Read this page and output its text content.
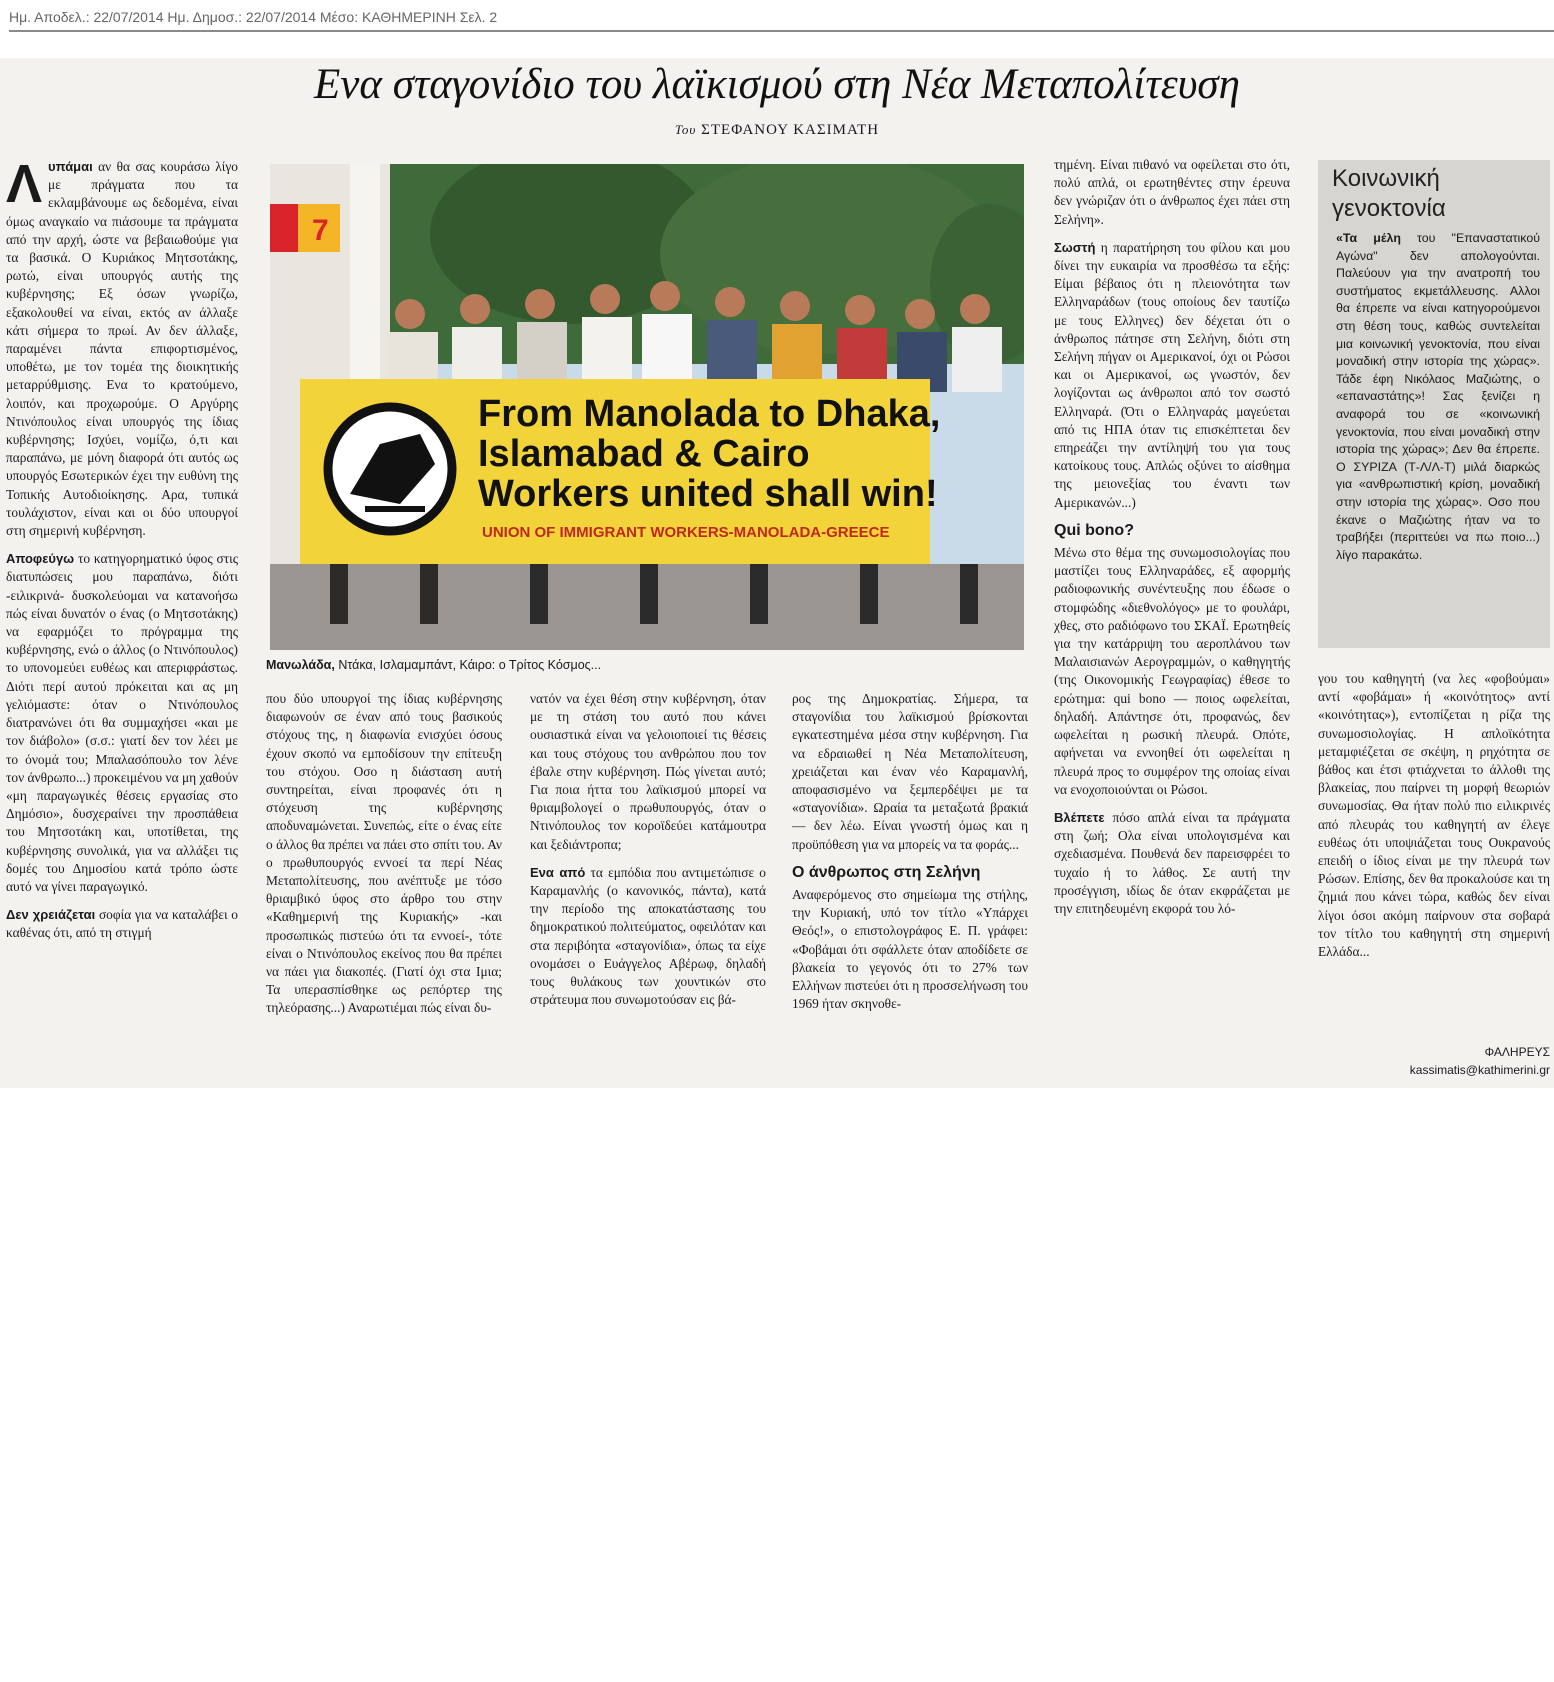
Ημ. Αποδελ.: 22/07/2014 Ημ. Δημοσ.: 22/07/2014 Μέσο: ΚΑΘΗΜΕΡΙΝΗ Σελ. 2
Ενα σταγονίδιο του λαϊκισμού στη Νέα Μεταπολίτευση
Του ΣΤΕΦΑΝΟΥ ΚΑΣΙΜΑΤΗ

Λυπάμαι αν θα σας κουράσω λίγο με πράγματα που τα εκλαμβάνουμε ως δεδομένα, είναι όμως αναγκαίο να πιάσουμε τα πράγματα από την αρχή, ώστε να βεβαιωθούμε για τα βασικά. Ο Κυριάκος Μητσοτάκης, ρωτώ, είναι υπουργός αυτής της κυβέρνησης; Εξ όσων γνωρίζω, εξακολουθεί να είναι, εκτός αν άλλαξε κάτι σήμερα το πρωί. Αν δεν άλλαξε, παραμένει πάντα επιφορτισμένος, υποθέτω, με τον τομέα της διοικητικής μεταρρύθμισης. Ενα το κρατούμενο, λοιπόν, και προχωρούμε. Ο Αργύρης Ντινόπουλος είναι υπουργός της ίδιας κυβέρνησης; Ισχύει, νομίζω, ό,τι και παραπάνω, με μόνη διαφορά ότι αυτός ως υπουργός Εσωτερικών έχει την ευθύνη της Τοπικής Αυτοδιοίκησης. Αρα, τυπικά τουλάχιστον, είναι και οι δύο υπουργοί στη σημερινή κυβέρνηση.

Αποφεύγω το κατηγορηματικό ύφος στις διατυπώσεις μου παραπάνω, διότι -ειλικρινά- δυσκολεύομαι να κατανοήσω πώς είναι δυνατόν ο ένας (ο Μητσοτάκης) να εφαρμόζει το πρόγραμμα της κυβέρνησης, ενώ ο άλλος (ο Ντινόπουλος) το υπονομεύει ευθέως και απεριφράστως. Διότι περί αυτού πρόκειται και ας μη γελιόμαστε: όταν ο Ντινόπουλος διατρανώνει ότι θα συμμαχήσει «και με τον διάβολο» (σ.σ.: γιατί δεν τον λέει με το όνομά του; Μπαλασόπουλο τον λένε τον άνθρωπο...) προκειμένου να μη χαθούν «μη παραγωγικές θέσεις εργασίας στο Δημόσιο», δυσχεραίνει την προσπάθεια του Μητσοτάκη και, υποτίθεται, της κυβέρνησης συνολικά, για να αλλάξει τις δομές του Δημοσίου κατά τρόπο ώστε αυτό να γίνει παραγωγικό.

Δεν χρειάζεται σοφία για να καταλάβει ο καθένας ότι, από τη στιγμή

7
From Manolada to Dhaka,
Islamabad & Cairo
Workers united shall win!
UNION OF IMMIGRANT WORKERS-MANOLADA-GREECE
Μανωλάδα, Ντάκα, Ισλαμαμπάντ, Κάιρο: ο Τρίτος Κόσμος...

που δύο υπουργοί της ίδιας κυβέρνησης διαφωνούν σε έναν από τους βασικούς στόχους της, η διαφωνία ενισχύει όσους έχουν σκοπό να εμποδίσουν την επίτευξη του στόχου. Οσο η διάσταση αυτή συντηρείται, είναι προφανές ότι η στόχευση της κυβέρνησης αποδυναμώνεται. Συνεπώς, είτε ο ένας είτε ο άλλος θα πρέπει να πάει στο σπίτι του. Αν ο πρωθυπουργός ενvoεί τα περί Νέας Μεταπολίτευσης, που ανέπτυξε με τόσο θριαμβικό ύφος στο άρθρο του στην «Καθημερινή της Κυριακής» -και προσωπικώς πιστεύω ότι τα εννοεί-, τότε είναι ο Ντινόπουλος εκείνος που θα πρέπει να πάει για διακοπές. (Γιατί όχι στα Ιμια; Τα υπερασπίσθηκε ως ρεπόρτερ της τηλεόρασης...) Αναρωτιέμαι πώς είναι δυ-

νατόν να έχει θέση στην κυβέρνηση, όταν με τη στάση του αυτό που κάνει ουσιαστικά είναι να γελοιοποιεί τις θέσεις και τους στόχους του ανθρώπου που τον έβαλε στην κυβέρνηση. Πώς γίνεται αυτό; Για ποια ήττα του λαϊκισμού μπορεί να θριαμβολογεί ο πρωθυπουργός, όταν ο Ντινόπουλος τον κοροϊδεύει κατάμουτρα και ξεδιάντροπα;

Ενα από τα εμπόδια που αντιμετώπισε ο Καραμανλής (ο κανονικός, πάντα), κατά την περίοδο της αποκατάστασης του δημοκρατικού πολιτεύματος, οφειλόταν και στα περιβόητα «σταγονίδια», όπως τα είχε ονομάσει ο Ευάγγελος Αβέρωφ, δηλαδή τους θυλάκους των χουντικών στο στράτευμα που συνωμοτούσαν εις βά-

ρος της Δημοκρατίας. Σήμερα, τα σταγονίδια του λαϊκισμού βρίσκονται εγκατεστημένα μέσα στην κυβέρνηση. Για να εδραιωθεί η Νέα Μεταπολίτευση, χρειάζεται και έναν νέο Καραμανλή, αποφασισμένο να ξεμπερδέψει με τα «σταγονίδια». Ωραία τα μεταξωτά βρακιά — δεν λέω. Είναι γνωστή όμως και η προϋπόθεση για να μπορείς να τα φοράς...

Ο άνθρωπος στη Σελήνη

Αναφερόμενος στο σημείωμα της στήλης, την Κυριακή, υπό τον τίτλο «Υπάρχει Θεός!», ο επιστολογράφος Ε. Π. γράφει: «Φοβάμαι ότι σφάλλετε όταν αποδίδετε σε βλακεία το γεγονός ότι το 27% των Ελλήνων πιστεύει ότι η προσσελήνωση του 1969 ήταν σκηνοθε-

τημένη. Είναι πιθανό να οφείλεται στο ότι, πολύ απλά, οι ερωτηθέντες στην έρευνα δεν γνώριζαν ότι ο άνθρωπος έχει πάει στη Σελήνη».

Σωστή η παρατήρηση του φίλου και μου δίνει την ευκαιρία να προσθέσω τα εξής: Είμαι βέβαιος ότι η πλειονότητα των Ελληναράδων (τους οποίους δεν ταυτίζω με τους Ελληνες) δεν δέχεται ότι ο άνθρωπος πάτησε στη Σελήνη, διότι στη Σελήνη πήγαν οι Αμερικανοί, όχι οι Ρώσοι και οι Αμερικανοί, ως γνωστόν, δεν λογίζονται ως άνθρωποι από τον σωστό Ελληναρά. (Ότι ο Ελληναράς μαγεύεται από τις ΗΠΑ όταν τις επισκέπτεται δεν επηρεάζει την αντίληψή του για τους κατοίκους τους. Απλώς οξύνει το αίσθημα της μειονεξίας του έναντι των Αμερικανών...)

Qui bono?

Μένω στο θέμα της συνωμοσιολογίας που μαστίζει τους Ελληναράδες, εξ αφορμής ραδιοφωνικής συνέντευξης που έδωσε ο στομφώδης «διεθνολόγος» με το φουλάρι, χθες, στο ραδιόφωνο του ΣΚΑΪ. Ερωτηθείς για την κατάρριψη του αεροπλάνου των Μαλαισιανών Αερογραμμών, ο καθηγητής (της Οικονομικής Γεωγραφίας) έθεσε το ερώτημα: qui bono — ποιος ωφελείται, δηλαδή. Απάντησε ότι, προφανώς, δεν ωφελείται η ρωσική πλευρά. Οπότε, αφήνεται να εννοηθεί ότι ωφελείται η πλευρά προς το συμφέρον της οποίας είναι να ενοχοποιούνται οι Ρώσοι.

Βλέπετε πόσο απλά είναι τα πράγματα στη ζωή; Ολα είναι υπολογισμένα και σχεδιασμένα. Πουθενά δεν παρεισφρέει το τυχαίο ή το λάθος. Σε αυτή την προσέγγιση, ιδίως δε όταν εκφράζεται με την επιτηδευμένη εκφορά του λό-

Κοινωνική
γενοκτονία
«Τα μέλη του "Επαναστατικού Αγώνα" δεν απολογούνται. Παλεύουν για την ανατροπή του συστήματος εκμετάλλευσης. Αλλοι θα έπρεπε να είναι κατηγορούμενοι στη θέση τους, καθώς συντελείται μια κοινωνική γενοκτονία, που είναι μοναδική στην ιστορία της χώρας». Τάδε έφη Νικόλαος Μαζιώτης, ο «επαναστάτης»! Σας ξενίζει η αναφορά του σε «κοινωνική γενοκτονία, που είναι μοναδική στην ιστορία της χώρας»; Δεν θα έπρεπε. Ο ΣΥΡΙΖΑ (Τ-Λ/Λ-Τ) μιλά διαρκώς για «ανθρωπιστική κρίση, μοναδική στην ιστορία της χώρας». Οσο που έκανε ο Μαζιώτης ήταν να το τραβήξει (περιττεύει να πω ποιο...) λίγο παρακάτω.

γου του καθηγητή (να λες «φοβούμαι» αντί «φοβάμαι» ή «κοινότητος» αντί «κοινότητας»), εντοπίζεται η ρίζα της συνωμοσιολογίας. Η απλοϊκότητα μεταμφιέζεται σε σκέψη, η ρηχότητα σε βάθος και έτσι φτιάχνεται το άλλοθι της βλακείας, που παίρνει τη μορφή θεωριών συνωμοσίας. Θα ήταν πολύ πιο ειλικρινές από πλευράς του καθηγητή αν έλεγε ευθέως ότι υποψιάζεται τους Ουκρανούς επειδή ο ίδιος είναι με την πλευρά των Ρώσων. Επίσης, δεν θα προκαλούσε και τη ζημιά που κάνει τώρα, καθώς δεν είναι λίγοι όσοι ακόμη παίρνουν στα σοβαρά τον τίτλο του καθηγητή στη σημερινή Ελλάδα...

ΦΑΛΗΡΕΥΣ
kassimatis@kathimerini.gr
